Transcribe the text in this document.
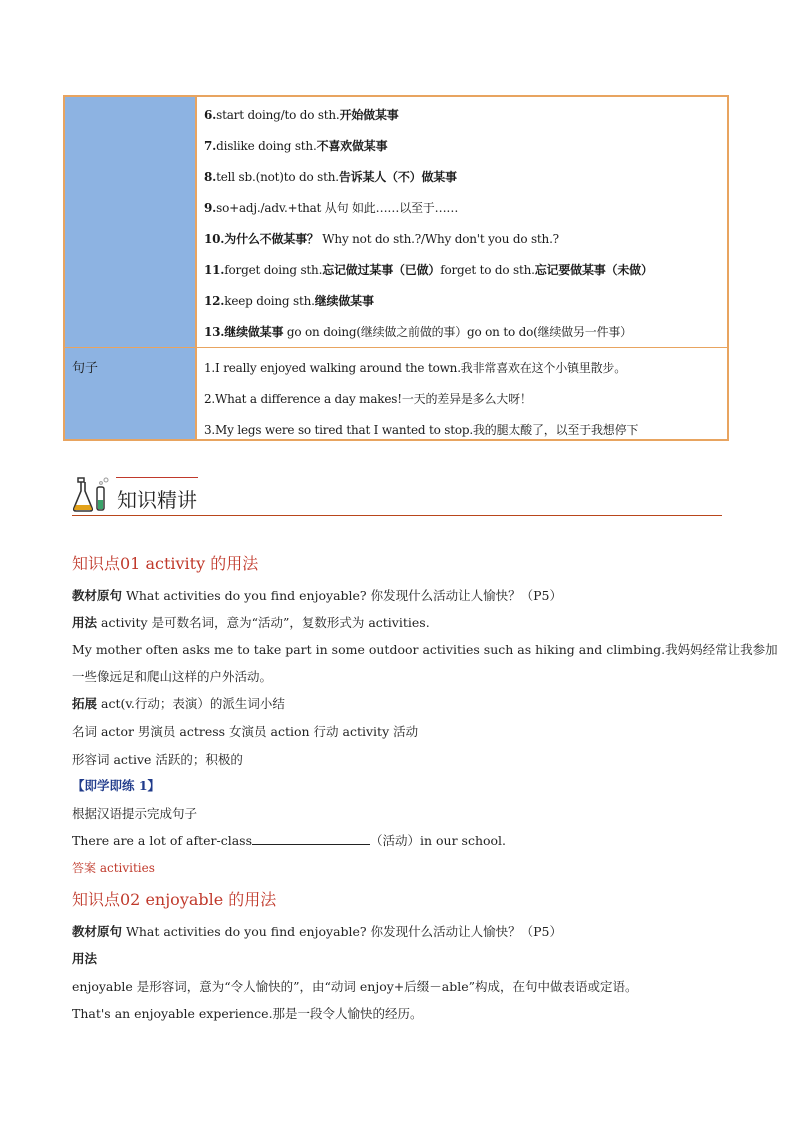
句子
6.start doing/to do sth.开始做某事
7.dislike doing sth.不喜欢做某事
8.tell sb.(not)to do sth.告诉某人（不）做某事
9.so+adj./adv.+that 从句 如此……以至于……
10.为什么不做某事？ Why not do sth.?/Why don't you do sth.?
11.forget doing sth.忘记做过某事（已做）forget to do sth.忘记要做某事（未做）
12.keep doing sth.继续做某事
13.继续做某事 go on doing(继续做之前做的事）go on to do(继续做另一件事）
1.I really enjoyed walking around the town.我非常喜欢在这个小镇里散步。
2.What a difference a day makes!一天的差异是多么大呀！
3.My legs were so tired that I wanted to stop.我的腿太酸了，以至于我想停下
知识精讲
知识点01 activity 的用法
教材原句 What activities do you find enjoyable? 你发现什么活动让人愉快？（P5）
用法 activity 是可数名词，意为“活动”，复数形式为 activities.
My mother often asks me to take part in some outdoor activities such as hiking and climbing.我妈妈经常让我参加
一些像远足和爬山这样的户外活动。
拓展 act(v.行动；表演）的派生词小结
名词 actor 男演员 actress 女演员 action 行动 activity 活动
形容词 active 活跃的；积极的
【即学即练 1】
根据汉语提示完成句子
There are a lot of after-class	（活动）in our school.
答案 activities
知识点02 enjoyable 的用法
教材原句 What activities do you find enjoyable? 你发现什么活动让人愉快？（P5）
用法
enjoyable 是形容词，意为“令人愉快的”，由“动词 enjoy+后缀－able”构成，在句中做表语或定语。
That's an enjoyable experience.那是一段令人愉快的经历。
